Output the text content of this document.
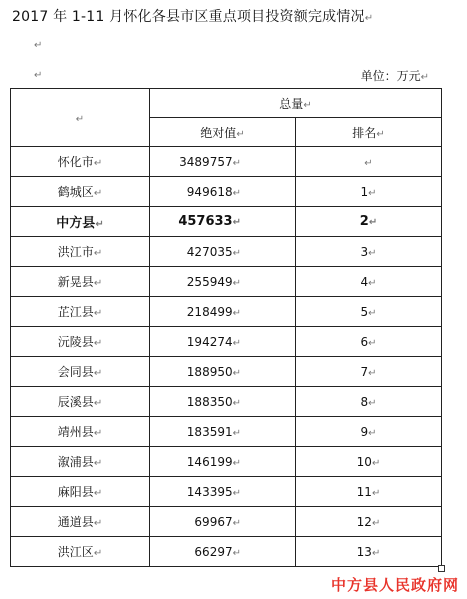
2017 年 1-11 月怀化各县市区重点项目投资额完成情况↵
↵
↵	单位：万元↵
↵	总量↵	
	绝对值↵	排名↵
怀化市↵	3489757↵	↵
鹤城区↵	949618↵	1↵
中方县↵	457633↵	2↵
洪江市↵	427035↵	3↵
新晃县↵	255949↵	4↵
芷江县↵	218499↵	5↵
沅陵县↵	194274↵	6↵
会同县↵	188950↵	7↵
辰溪县↵	188350↵	8↵
靖州县↵	183591↵	9↵
溆浦县↵	146199↵	10↵
麻阳县↵	143395↵	11↵
通道县↵	69967↵	12↵
洪江区↵	66297↵	13↵
中方县人民政府网
